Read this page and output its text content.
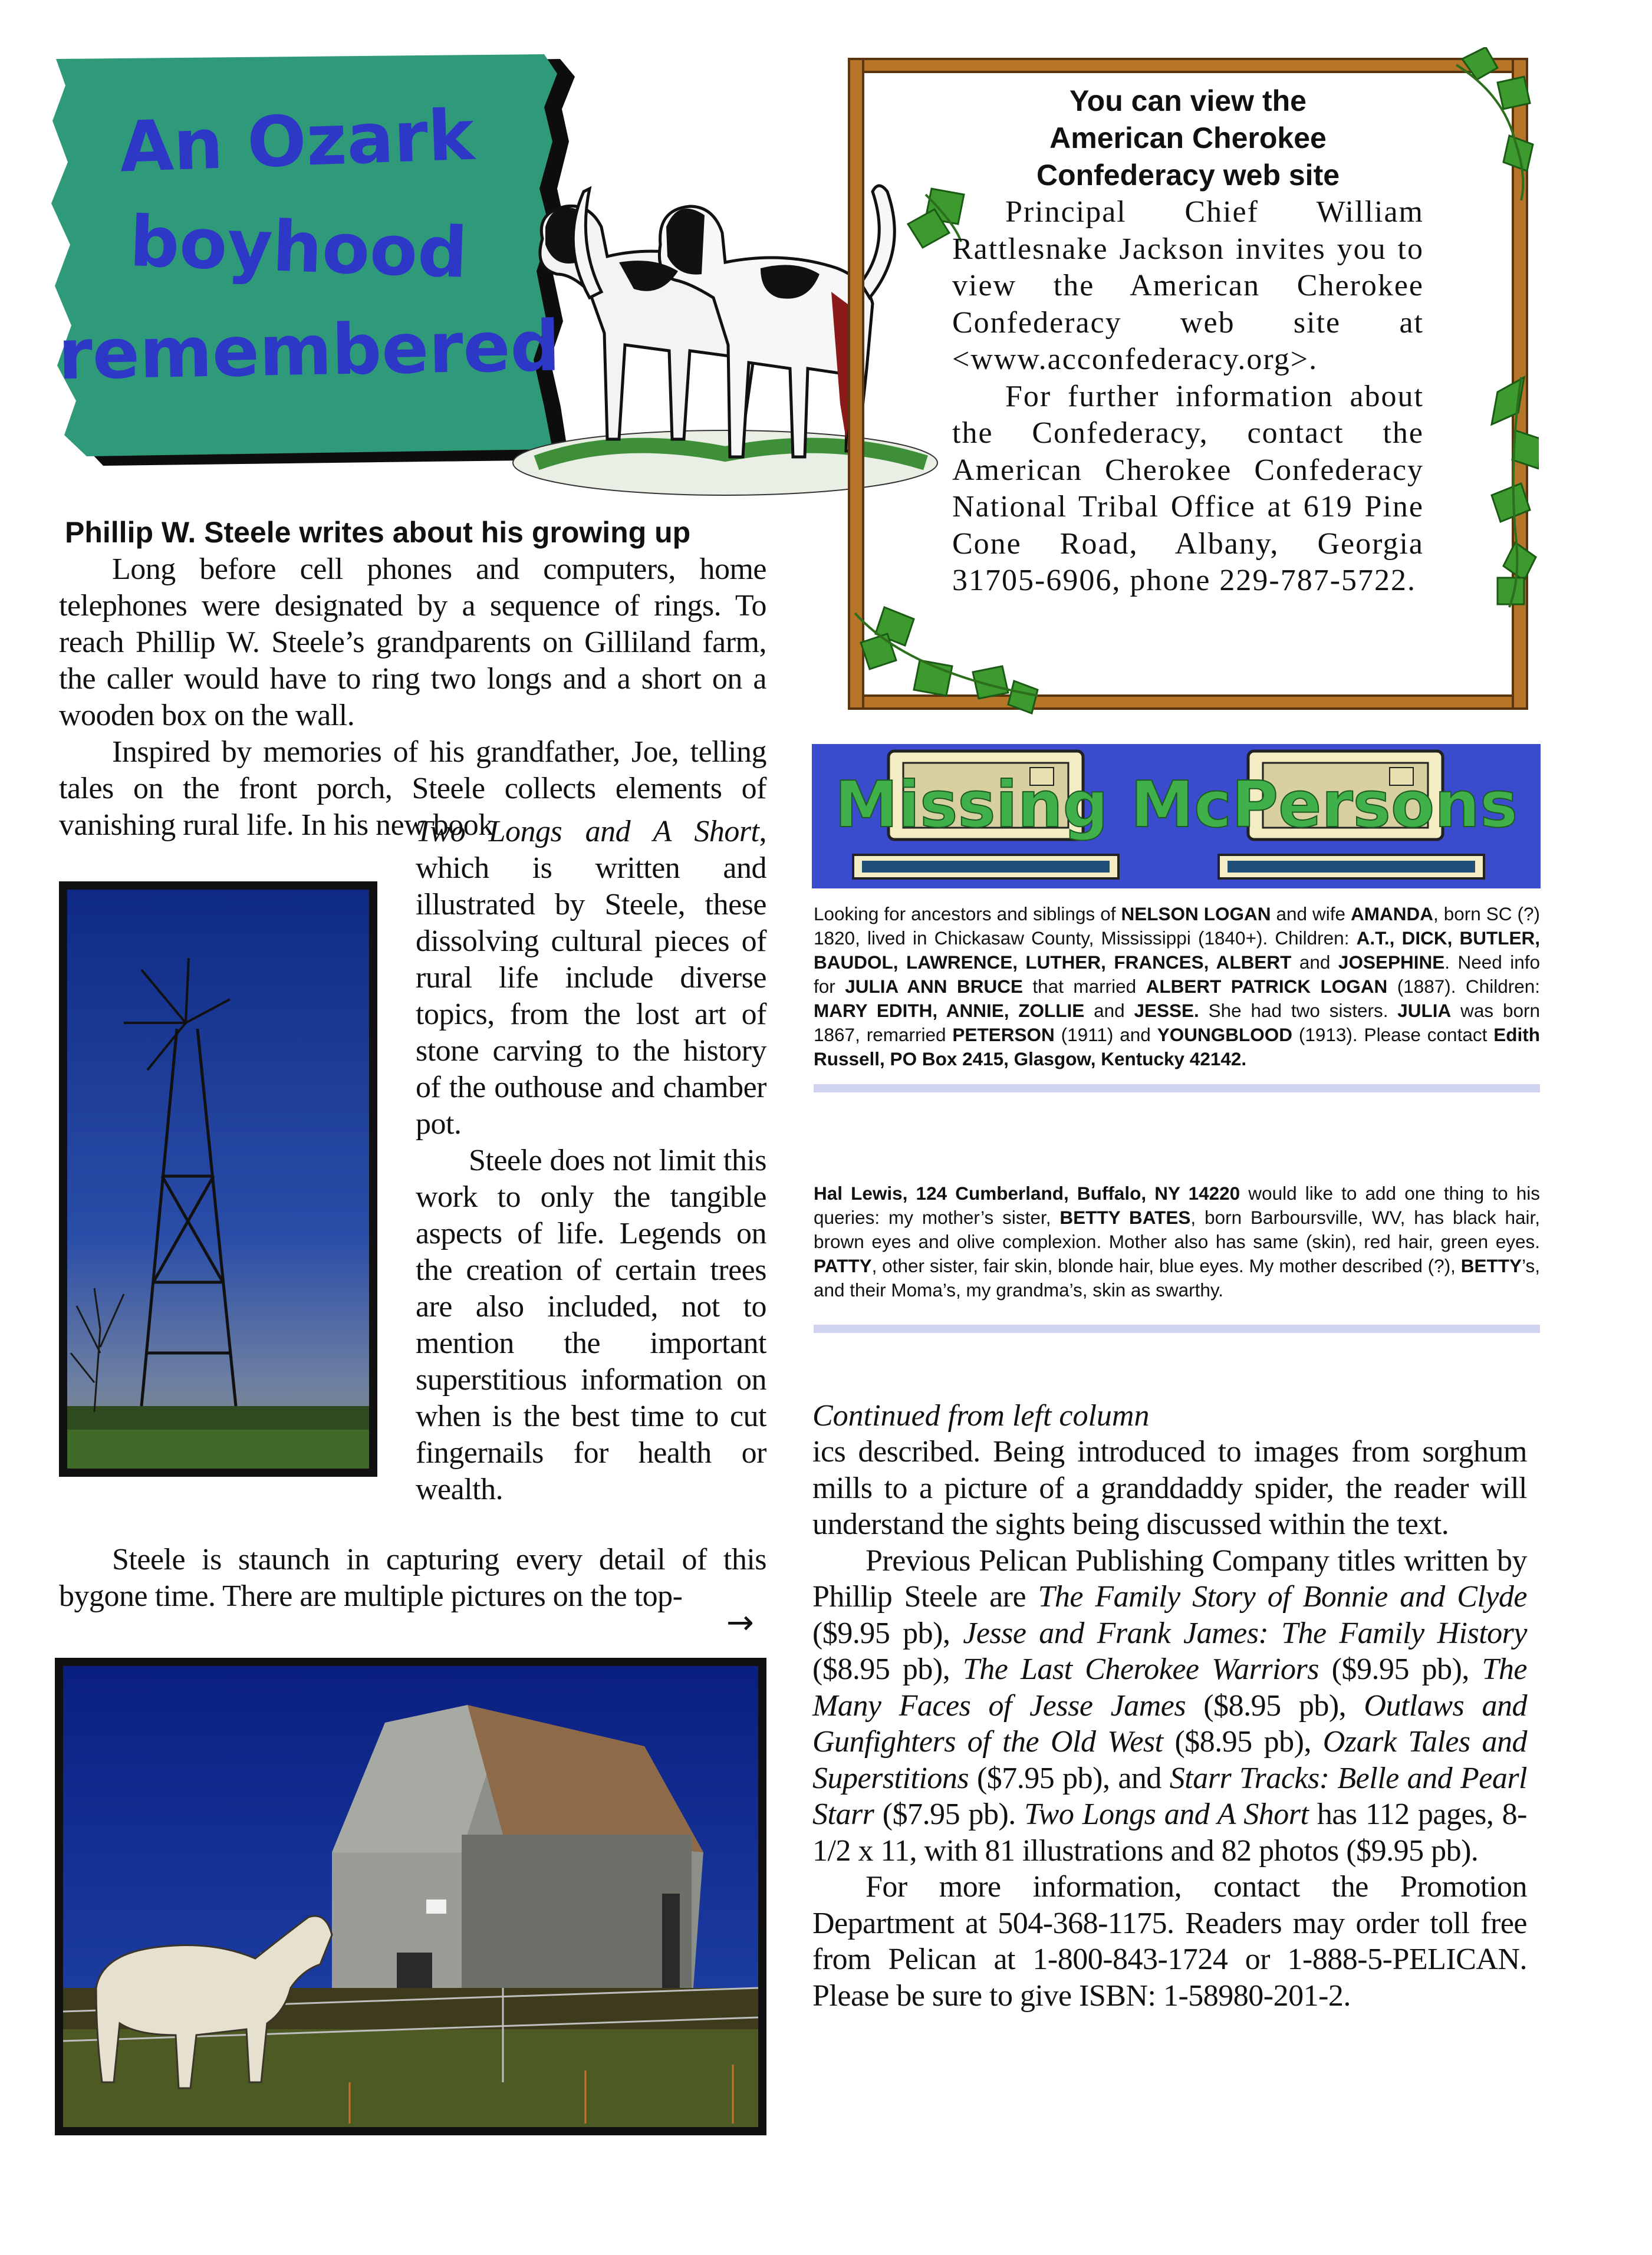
An Ozark
boyhood
remembered
You can view the
American Cherokee
Confederacy web site

Principal Chief William Rattlesnake Jackson invites you to view the American Cherokee Confederacy web site at <www.acconfederacy.org>.

For further information about the Confederacy, contact the American Cherokee Confederacy National Tribal Office at 619 Pine Cone Road, Albany, Georgia 31705-6906, phone 229-787-5722.

Phillip W. Steele writes about his growing up

Long before cell phones and computers, home telephones were designated by a sequence of rings. To reach Phillip W. Steele’s grandparents on Gilliland farm, the caller would have to ring two longs and a short on a wooden box on the wall.

Inspired by memories of his grandfather, Joe, telling tales on the front porch, Steele collects elements of vanishing rural life. In his new book

Two Longs and A Short, which is written and illustrated by Steele, these dissolving cultural pieces of rural life include diverse topics, from the lost art of stone carving to the history of the outhouse and chamber pot.

Steele does not limit this work to only the tangible aspects of life. Legends on the creation of certain trees are also included, not to mention the important superstitious information on when is the best time to cut fingernails for health or wealth.

Steele is staunch in capturing every detail of this bygone time. There are multiple pictures on the top-

→
Missing McPersons

Looking for ancestors and siblings of NELSON LOGAN and wife AMANDA, born SC (?) 1820, lived in Chickasaw County, Mississippi (1840+). Children: A.T., DICK, BUTLER, BAUDOL, LAWRENCE, LUTHER, FRANCES, ALBERT and JOSEPHINE. Need info for JULIA ANN BRUCE that married ALBERT PATRICK LOGAN (1887). Children: MARY EDITH, ANNIE, ZOLLIE and JESSE. She had two sisters. JULIA was born 1867, remarried PETERSON (1911) and YOUNGBLOOD (1913). Please contact Edith Russell, PO Box 2415, Glasgow, Kentucky 42142.

Hal Lewis, 124 Cumberland, Buffalo, NY 14220 would like to add one thing to his queries: my mother’s sister, BETTY BATES, born Barboursville, WV, has black hair, brown eyes and olive complexion. Mother also has same (skin), red hair, green eyes. PATTY, other sister, fair skin, blonde hair, blue eyes. My mother described (?), BETTY’s, and their Moma’s, my grandma’s, skin as swarthy.

Continued from left column

ics described. Being introduced to images from sorghum mills to a picture of a granddaddy spider, the reader will understand the sights being discussed within the text.

Previous Pelican Publishing Company titles written by Phillip Steele are The Family Story of Bonnie and Clyde ($9.95 pb), Jesse and Frank James: The Family History ($8.95 pb), The Last Cherokee Warriors ($9.95 pb), The Many Faces of Jesse James ($8.95 pb), Outlaws and Gunfighters of the Old West ($8.95 pb), Ozark Tales and Superstitions ($7.95 pb), and Starr Tracks: Belle and Pearl Starr ($7.95 pb). Two Longs and A Short has 112 pages, 8-1/2 x 11, with 81 illustrations and 82 photos ($9.95 pb).

For more information, contact the Promotion Department at 504-368-1175. Readers may order toll free from Pelican at 1-800-843-1724 or 1-888-5-PELICAN. Please be sure to give ISBN: 1-58980-201-2.
